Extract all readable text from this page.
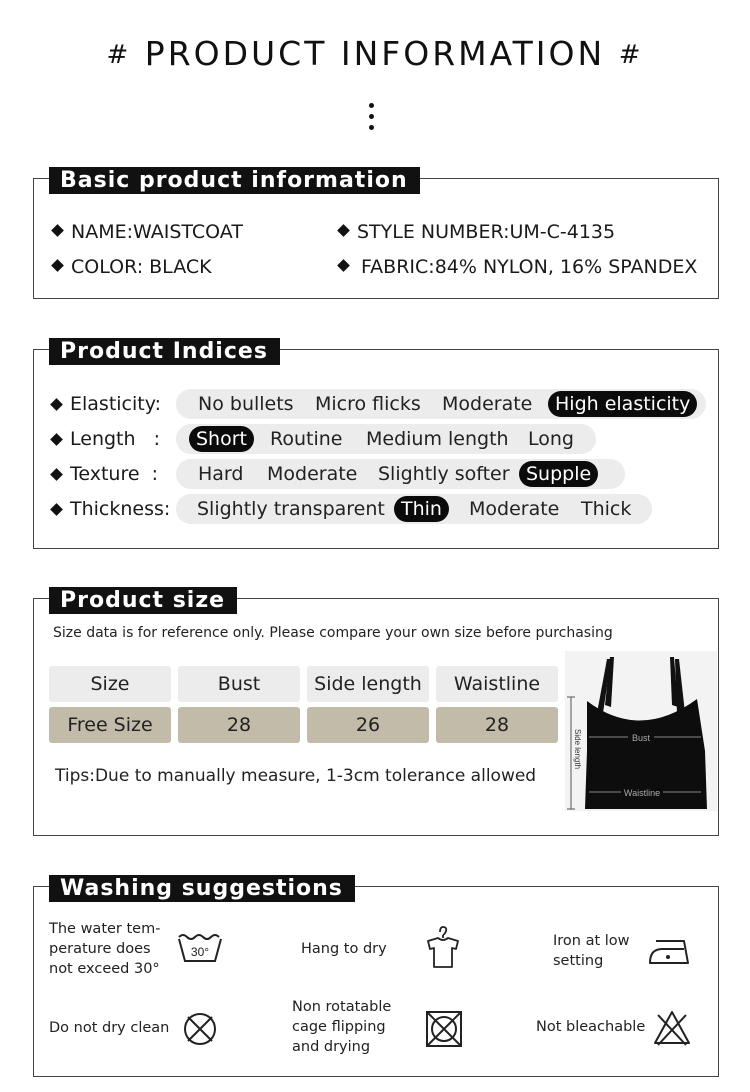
# PRODUCT INFORMATION #
Basic product information
NAME:WAISTCOAT	STYLE NUMBER:UM-C-4135
COLOR: BLACK	FABRIC:84% NYLON, 16% SPANDEX
Product Indices
Elasticity: No bullets Micro flicks Moderate	High elasticity
Length   :	Short	Routine Medium length Long
Texture  : Hard Moderate Slightly softer Supple
Thickness: Slightly transparent Thin	Moderate Thick
Product size
Size data is for reference only. Please compare your own size before purchasing
Size	Bust	Side length	Waistline
Free Size	28	26	28
Tips:Due to manually measure, 1-3cm tolerance allowed
Bust
Waistline
Side length
Washing suggestions
The water tem-
perature does
not exceed 30°
30°	Hang to dry	Iron at low
setting
Do not dry clean
Non rotatable
cage flipping
and drying
Not bleachable
